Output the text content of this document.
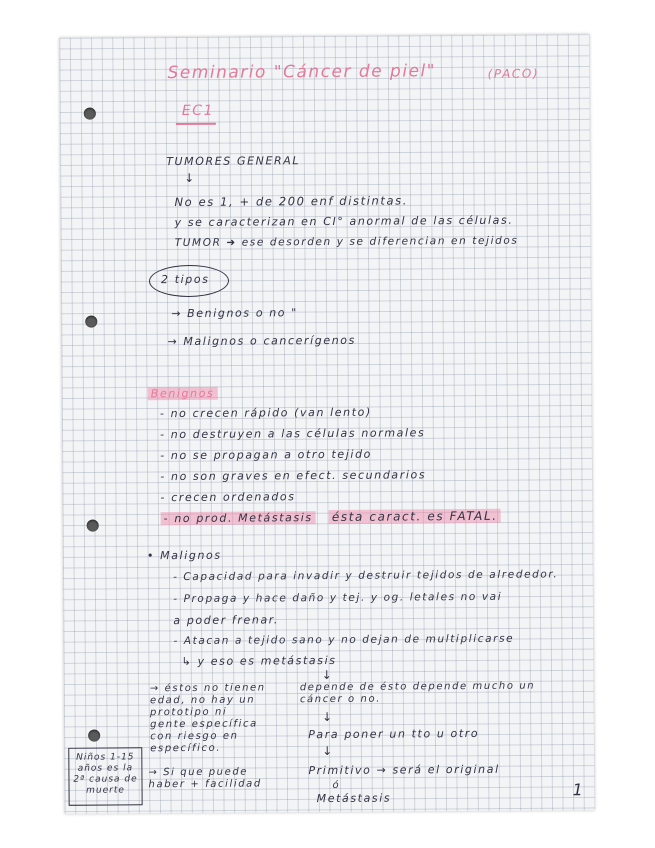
Seminario "Cáncer de piel"	(PACO)
EC1
TUMORES GENERAL
↓
No es 1, + de 200 enf distintas.
y se caracterizan en CI° anormal de las células.
TUMOR ➜ ese desorden y se diferencian en tejidos
2 tipos
→ Benignos o no "
→ Malignos o cancerígenos
Benignos
- no crecen rápido (van lento)
- no destruyen a las células normales
- no se propagan a otro tejido
- no son graves en efect. secundarios
- crecen ordenados
- no prod. Metástasis ésta caract. es FATAL.
• Malignos
- Capacidad para invadir y destruir tejidos de alrededor.
- Propaga y hace daño y tej. y og. letales no vai
a poder frenar.
- Atacan a tejido sano y no dejan de multiplicarse
↳ y eso es metástasis
↓
→ éstos no tienen edad, no hay un prototipo ni gente específica con riesgo en específico.
depende de ésto depende mucho un cáncer o no.
↓
Para poner un tto u otro
↓
Niños 1-15 años es la 2ª causa de muerte
→ Si que puede haber + facilidad
Primitivo → será el original
ó
Metástasis	1
